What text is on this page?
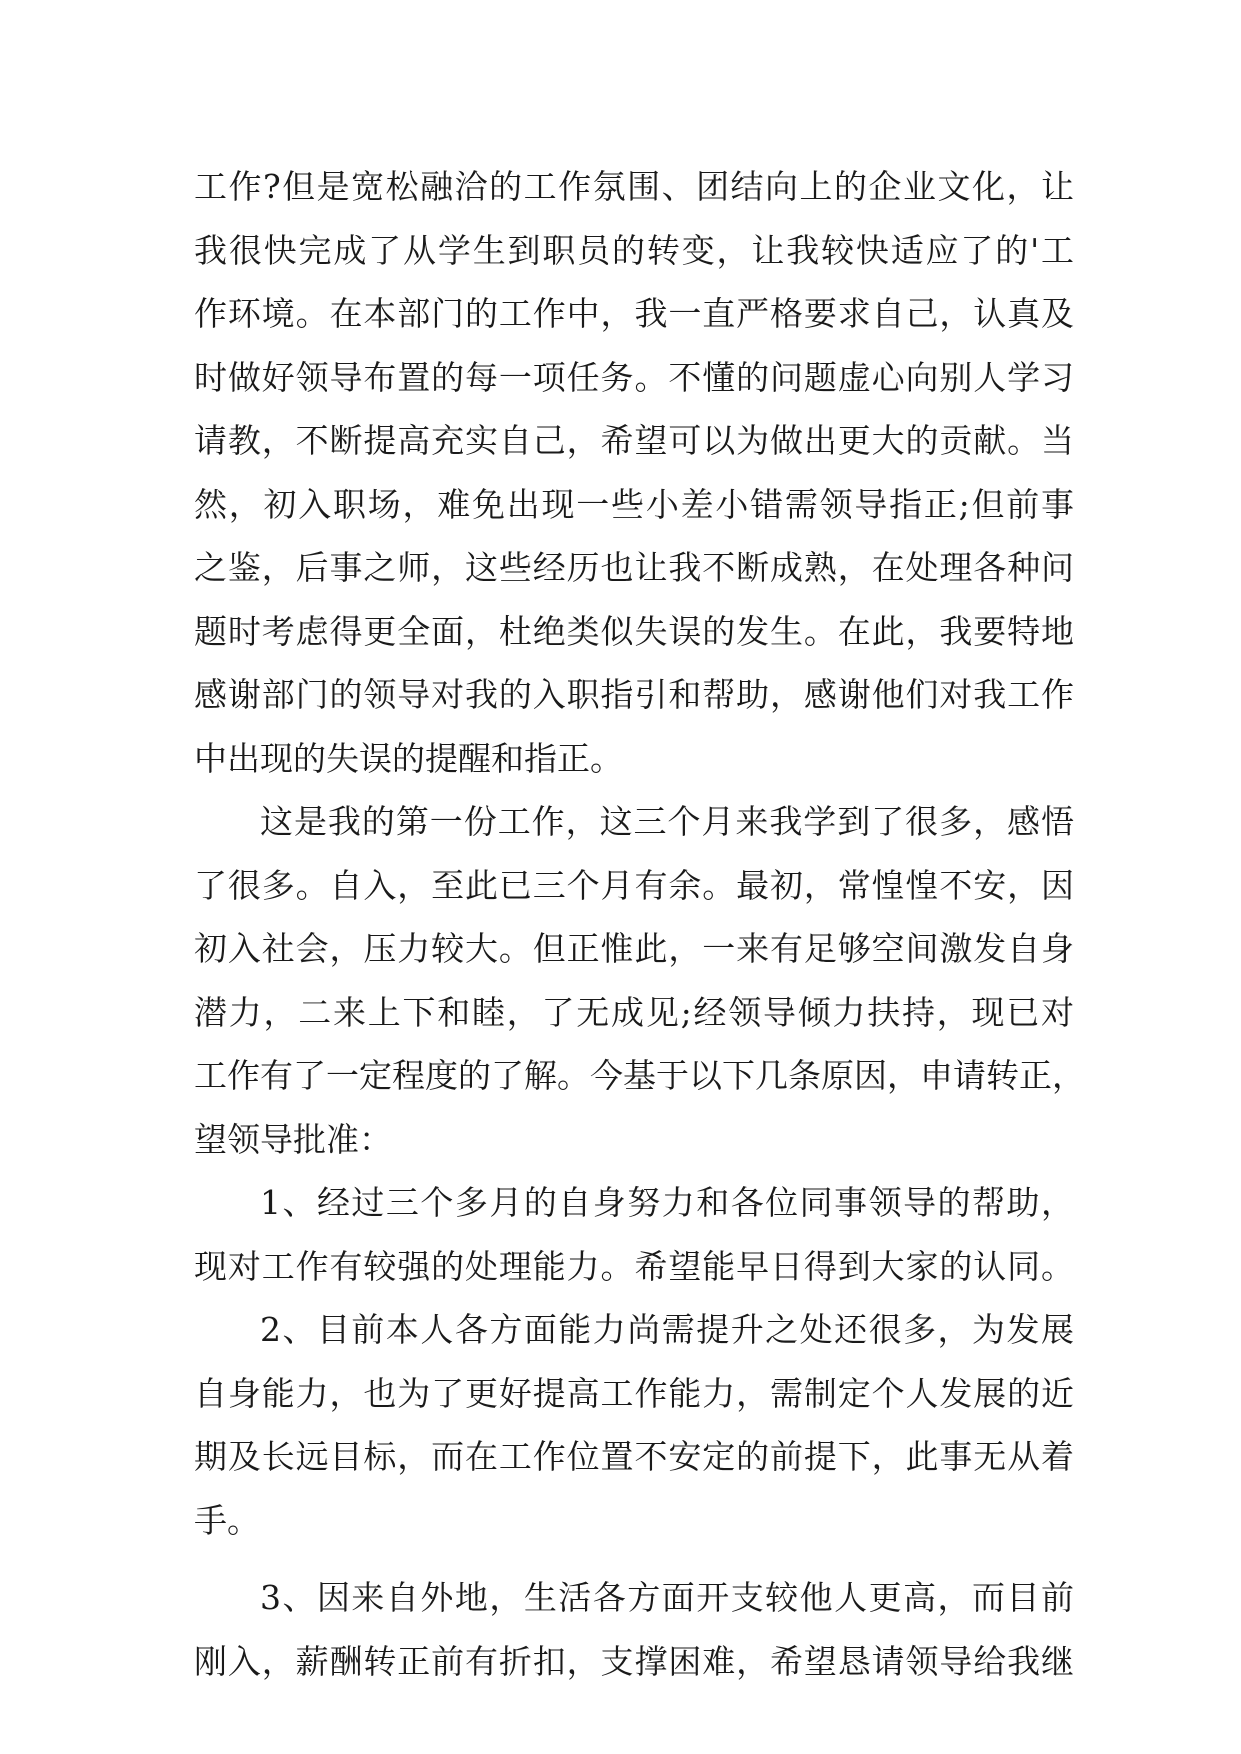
工作?但是宽松融洽的工作氛围、团结向上的企业文化，让
我很快完成了从学生到职员的转变，让我较快适应了的'工
作环境。在本部门的工作中，我一直严格要求自己，认真及
时做好领导布置的每一项任务。不懂的问题虚心向别人学习
请教，不断提高充实自己，希望可以为做出更大的贡献。当
然，初入职场，难免出现一些小差小错需领导指正;但前事
之鉴，后事之师，这些经历也让我不断成熟，在处理各种问
题时考虑得更全面，杜绝类似失误的发生。在此，我要特地
感谢部门的领导对我的入职指引和帮助，感谢他们对我工作
中出现的失误的提醒和指正。
这是我的第一份工作，这三个月来我学到了很多，感悟
了很多。自入，至此已三个月有余。最初，常惶惶不安，因
初入社会，压力较大。但正惟此，一来有足够空间激发自身
潜力，二来上下和睦，了无成见;经领导倾力扶持，现已对
工作有了一定程度的了解。今基于以下几条原因，申请转正，
望领导批准：
1、经过三个多月的自身努力和各位同事领导的帮助，
现对工作有较强的处理能力。希望能早日得到大家的认同。
2、目前本人各方面能力尚需提升之处还很多，为发展
自身能力，也为了更好提高工作能力，需制定个人发展的近
期及长远目标，而在工作位置不安定的前提下，此事无从着
手。
3、因来自外地，生活各方面开支较他人更高，而目前
刚入，薪酬转正前有折扣，支撑困难，希望恳请领导给我继
